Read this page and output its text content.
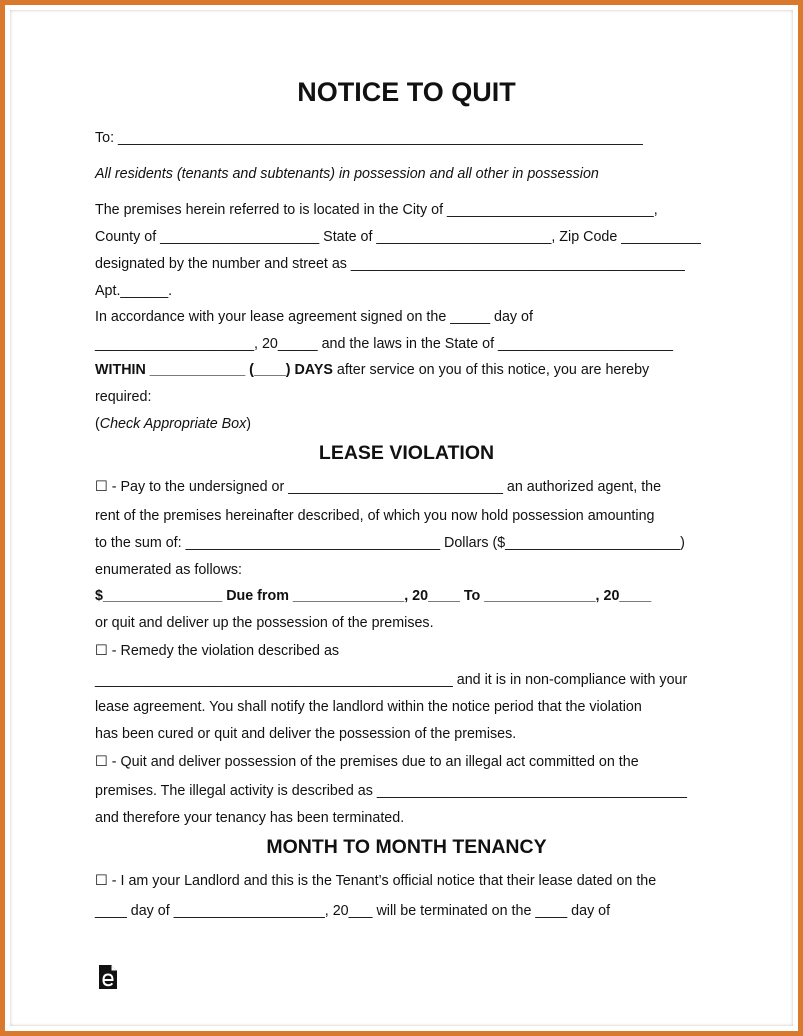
NOTICE TO QUIT
To: __________________________________________________________________
All residents (tenants and subtenants) in possession and all other in possession
The premises herein referred to is located in the City of __________________________,
County of ____________________ State of ______________________, Zip Code __________
designated by the number and street as __________________________________________
Apt.______.
In accordance with your lease agreement signed on the _____ day of
____________________, 20_____ and the laws in the State of ______________________
WITHIN ____________ (____) DAYS after service on you of this notice, you are hereby
required:
(Check Appropriate Box)
LEASE VIOLATION
☐ - Pay to the undersigned or ___________________________ an authorized agent, the
rent of the premises hereinafter described, of which you now hold possession amounting
to the sum of: ________________________________ Dollars ($______________________)
enumerated as follows:
$_______________ Due from ______________, 20____ To ______________, 20____
or quit and deliver up the possession of the premises.
☐ - Remedy the violation described as
_____________________________________________ and it is in non-compliance with your
lease agreement. You shall notify the landlord within the notice period that the violation
has been cured or quit and deliver the possession of the premises.
☐ - Quit and deliver possession of the premises due to an illegal act committed on the
premises. The illegal activity is described as _______________________________________
and therefore your tenancy has been terminated.
MONTH TO MONTH TENANCY
☐ - I am your Landlord and this is the Tenant’s official notice that their lease dated on the
____ day of ___________________, 20___ will be terminated on the ____ day of
